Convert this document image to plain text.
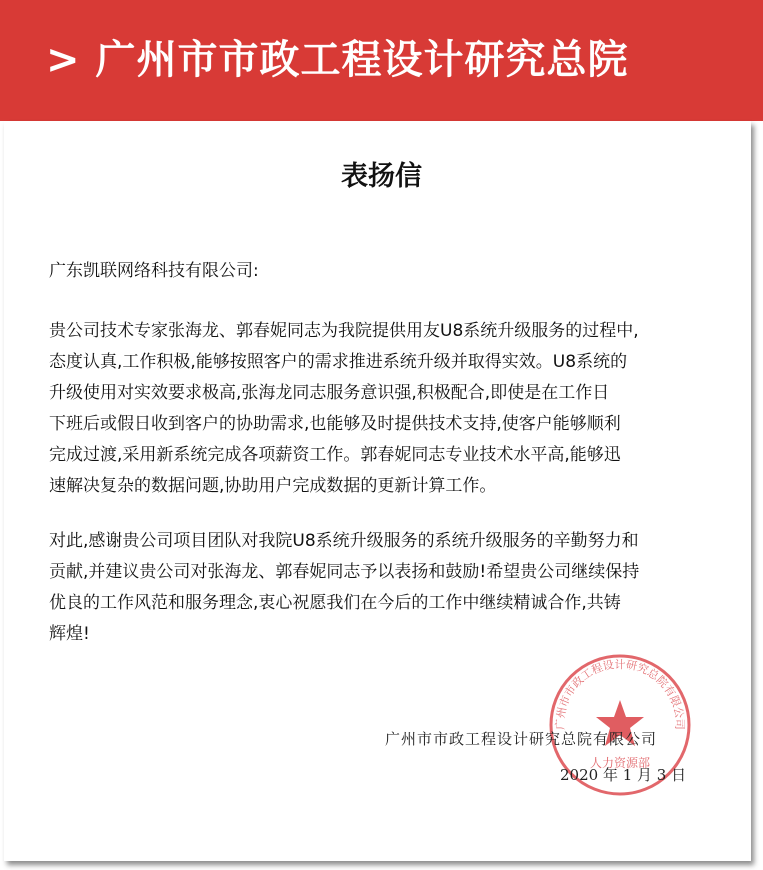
> 广州市市政工程设计研究总院
表扬信

广东凯联网络科技有限公司:

贵公司技术专家张海龙、郭春妮同志为我院提供用友U8系统升级服务的过程中,
态度认真,工作积极,能够按照客户的需求推进系统升级并取得实效。U8系统的
升级使用对实效要求极高,张海龙同志服务意识强,积极配合,即使是在工作日
下班后或假日收到客户的协助需求,也能够及时提供技术支持,使客户能够顺利
完成过渡,采用新系统完成各项薪资工作。郭春妮同志专业技术水平高,能够迅
速解决复杂的数据问题,协助用户完成数据的更新计算工作。

对此,感谢贵公司项目团队对我院U8系统升级服务的系统升级服务的辛勤努力和
贡献,并建议贵公司对张海龙、郭春妮同志予以表扬和鼓励!希望贵公司继续保持
优良的工作风范和服务理念,衷心祝愿我们在今后的工作中继续精诚合作,共铸
辉煌!

广州市市政工程设计研究总院有限公司
人力资源部
广州市市政工程设计研究总院有限公司
2020 年 1 月 3 日
